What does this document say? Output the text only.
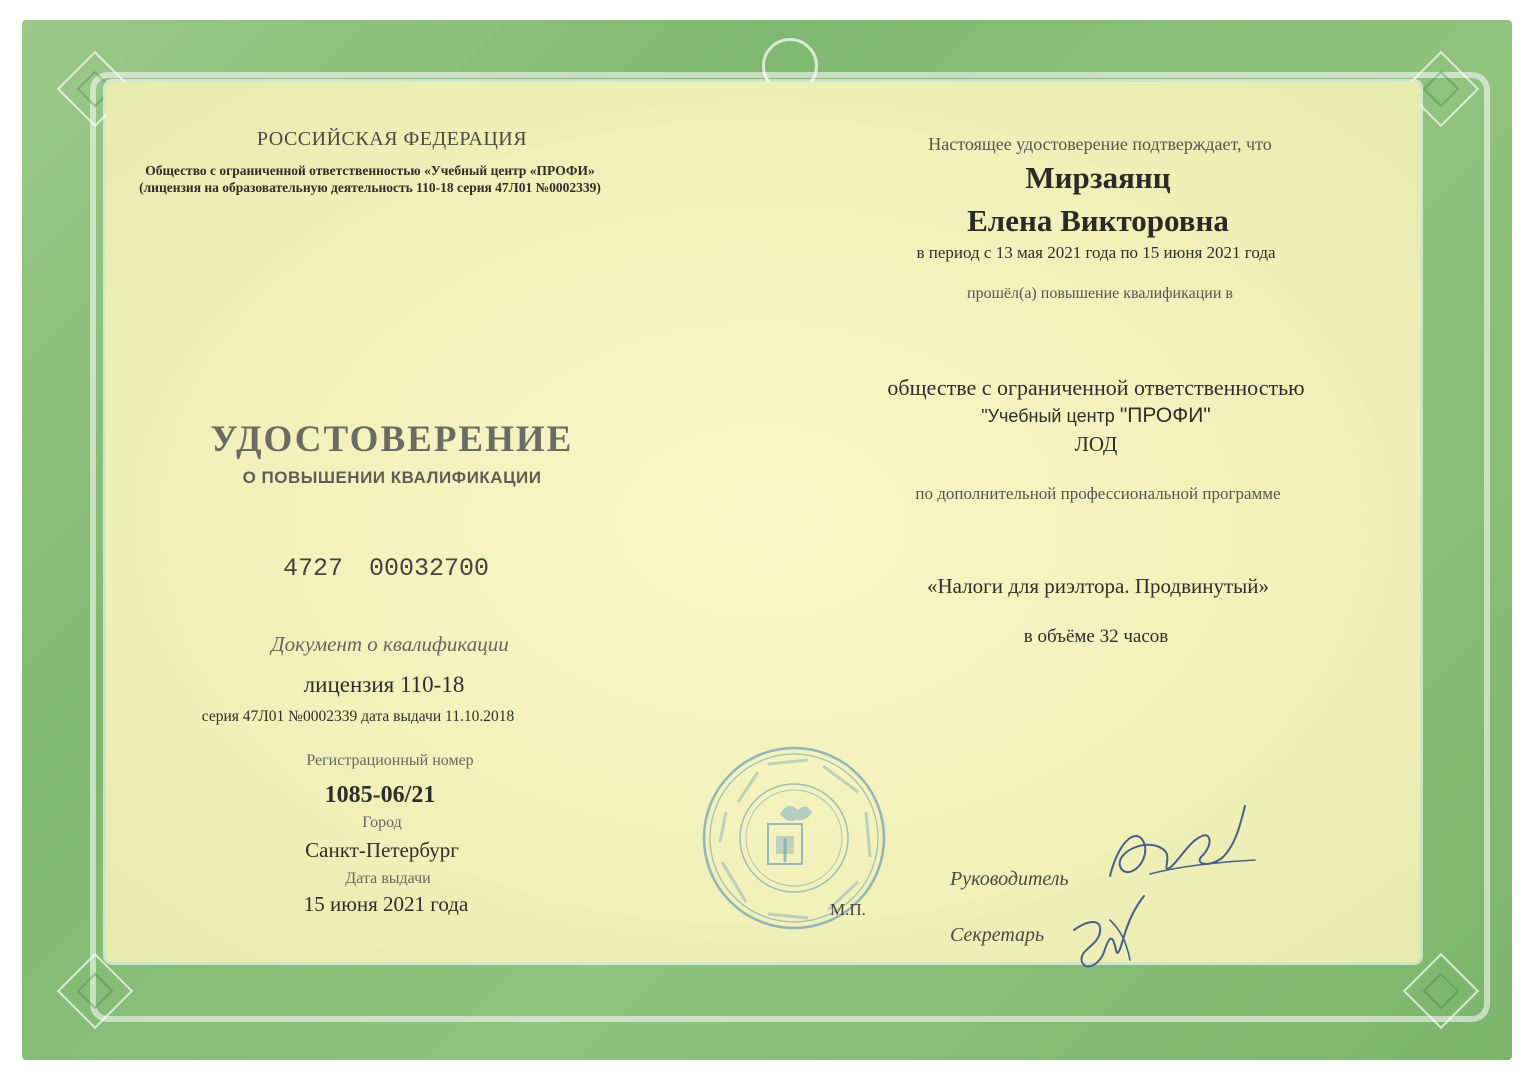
РОССИЙСКАЯ ФЕДЕРАЦИЯ
Общество с ограниченной ответственностью «Учебный центр «ПРОФИ»
(лицензия на образовательную деятельность 110-18 серия 47Л01 №0002339)
УДОСТОВЕРЕНИЕ
О ПОВЫШЕНИИ КВАЛИФИКАЦИИ
4727 00032700
Документ о квалификации
лицензия 110-18
серия 47Л01 №0002339 дата выдачи 11.10.2018
Регистрационный номер
1085-06/21
Город
Санкт-Петербург
Дата выдачи
15 июня 2021 года
Настоящее удостоверение подтверждает, что
Мирзаянц
Елена Викторовна
в период с 13 мая 2021 года по 15 июня 2021 года
прошёл(а) повышение квалификации в
обществе с ограниченной ответственностью
"Учебный центр "ПРОФИ"
ЛОД
по дополнительной профессиональной программе
«Налоги для риэлтора. Продвинутый»
в объёме 32 часов
М.П.
Руководитель
Секретарь
